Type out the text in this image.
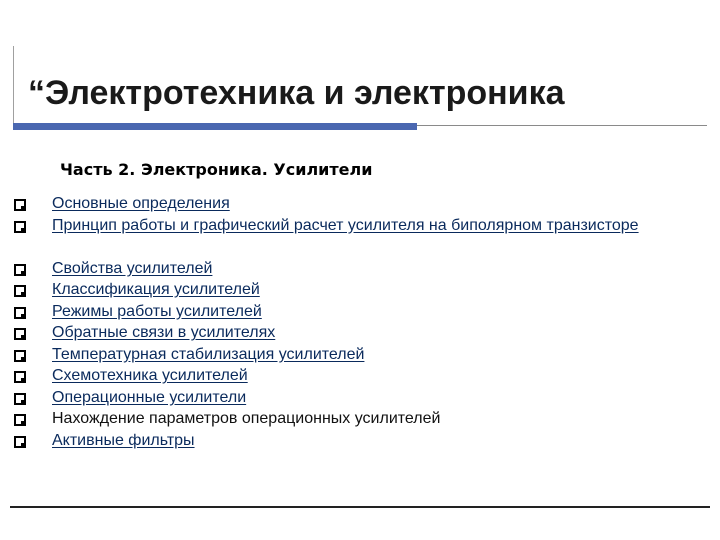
“Электротехника и электроника
Часть 2. Электроника. Усилители
Основные определения
Принцип работы и графический расчет усилителя на биполярном транзисторе
Свойства усилителей
Классификация усилителей
Режимы работы усилителей
Обратные связи в усилителях
Температурная стабилизация усилителей
Схемотехника усилителей
Операционные усилители
Нахождение параметров операционных усилителей
Активные фильтры
